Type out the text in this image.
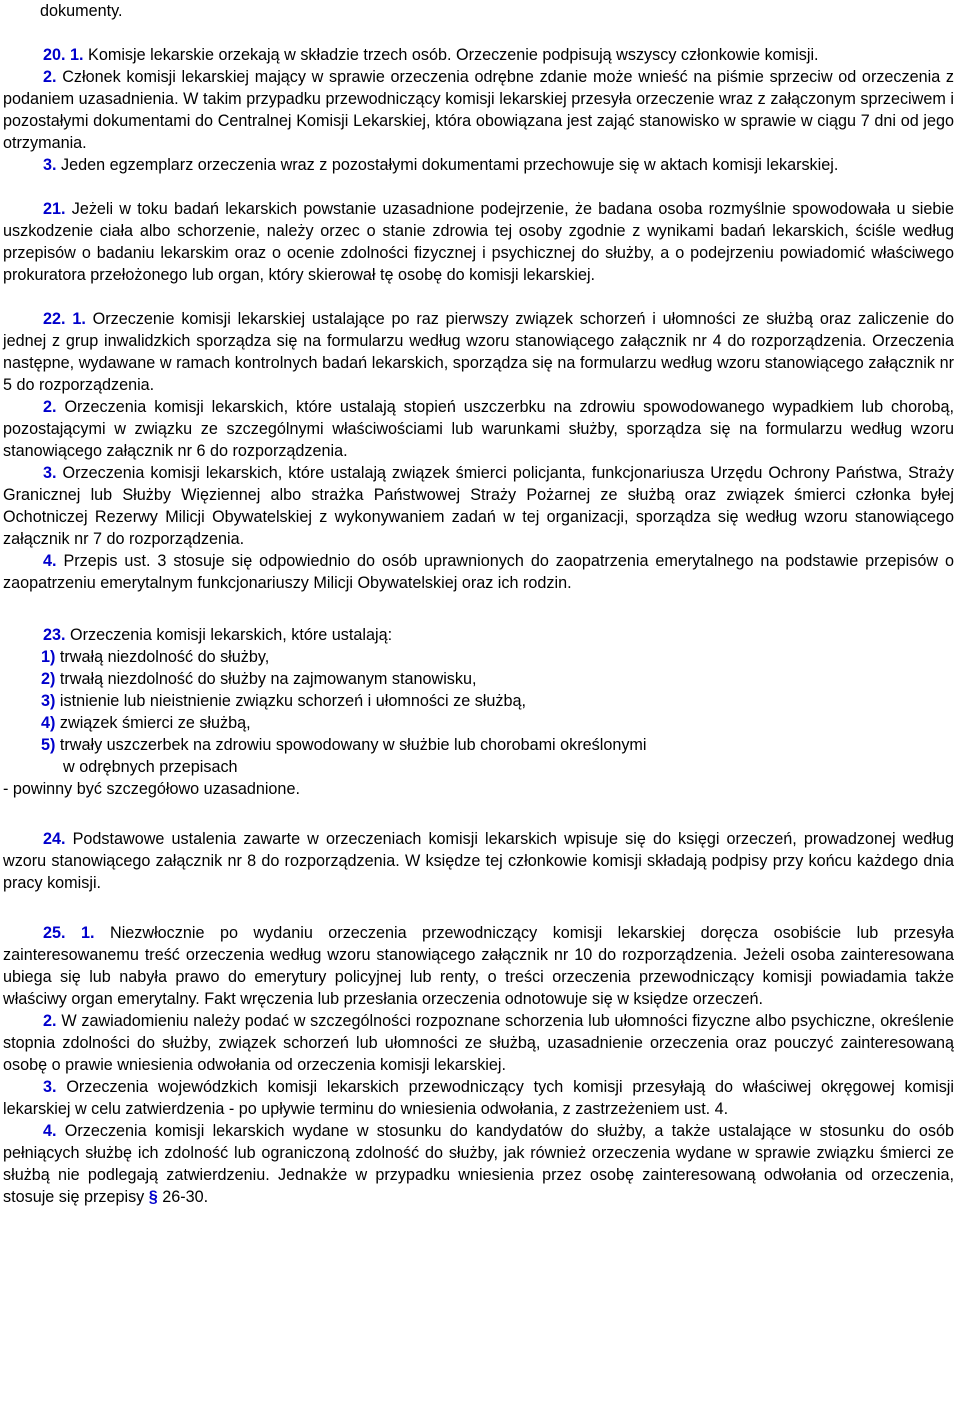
dokumenty.

20. 1. Komisje lekarskie orzekają w składzie trzech osób. Orzeczenie podpisują wszyscy członkowie komisji.

2. Członek komisji lekarskiej mający w sprawie orzeczenia odrębne zdanie może wnieść na piśmie sprzeciw od orzeczenia z podaniem uzasadnienia. W takim przypadku przewodniczący komisji lekarskiej przesyła orzeczenie wraz z załączonym sprzeciwem i pozostałymi dokumentami do Centralnej Komisji Lekarskiej, która obowiązana jest zająć stanowisko w sprawie w ciągu 7 dni od jego otrzymania.

3. Jeden egzemplarz orzeczenia wraz z pozostałymi dokumentami przechowuje się w aktach komisji lekarskiej.

21. Jeżeli w toku badań lekarskich powstanie uzasadnione podejrzenie, że badana osoba rozmyślnie spowodowała u siebie uszkodzenie ciała albo schorzenie, należy orzec o stanie zdrowia tej osoby zgodnie z wynikami badań lekarskich, ściśle według przepisów o badaniu lekarskim oraz o ocenie zdolności fizycznej i psychicznej do służby, a o podejrzeniu powiadomić właściwego prokuratora przełożonego lub organ, który skierował tę osobę do komisji lekarskiej.

22. 1. Orzeczenie komisji lekarskiej ustalające po raz pierwszy związek schorzeń i ułomności ze służbą oraz zaliczenie do jednej z grup inwalidzkich sporządza się na formularzu według wzoru stanowiącego załącznik nr 4 do rozporządzenia. Orzeczenia następne, wydawane w ramach kontrolnych badań lekarskich, sporządza się na formularzu według wzoru stanowiącego załącznik nr 5 do rozporządzenia.

2. Orzeczenia komisji lekarskich, które ustalają stopień uszczerbku na zdrowiu spowodowanego wypadkiem lub chorobą, pozostającymi w związku ze szczególnymi właściwościami lub warunkami służby, sporządza się na formularzu według wzoru stanowiącego załącznik nr 6 do rozporządzenia.

3. Orzeczenia komisji lekarskich, które ustalają związek śmierci policjanta, funkcjonariusza Urzędu Ochrony Państwa, Straży Granicznej lub Służby Więziennej albo strażka Państwowej Straży Pożarnej ze służbą oraz związek śmierci członka byłej Ochotniczej Rezerwy Milicji Obywatelskiej z wykonywaniem zadań w tej organizacji, sporządza się według wzoru stanowiącego załącznik nr 7 do rozporządzenia.

4. Przepis ust. 3 stosuje się odpowiednio do osób uprawnionych do zaopatrzenia emerytalnego na podstawie przepisów o zaopatrzeniu emerytalnym funkcjonariuszy Milicji Obywatelskiej oraz ich rodzin.

23. Orzeczenia komisji lekarskich, które ustalają:

1) trwałą niezdolność do służby,

2) trwałą niezdolność do służby na zajmowanym stanowisku,

3) istnienie lub nieistnienie związku schorzeń i ułomności ze służbą,

4) związek śmierci ze służbą,

5) trwały uszczerbek na zdrowiu spowodowany w służbie lub chorobami określonymi

w odrębnych przepisach

- powinny być szczegółowo uzasadnione.

24. Podstawowe ustalenia zawarte w orzeczeniach komisji lekarskich wpisuje się do księgi orzeczeń, prowadzonej według wzoru stanowiącego załącznik nr 8 do rozporządzenia. W księdze tej członkowie komisji składają podpisy przy końcu każdego dnia pracy komisji.

25. 1. Niezwłocznie po wydaniu orzeczenia przewodniczący komisji lekarskiej doręcza osobiście lub przesyła zainteresowanemu treść orzeczenia według wzoru stanowiącego załącznik nr 10 do rozporządzenia. Jeżeli osoba zainteresowana ubiega się lub nabyła prawo do emerytury policyjnej lub renty, o treści orzeczenia przewodniczący komisji powiadamia także właściwy organ emerytalny. Fakt wręczenia lub przesłania orzeczenia odnotowuje się w księdze orzeczeń.

2. W zawiadomieniu należy podać w szczególności rozpoznane schorzenia lub ułomności fizyczne albo psychiczne, określenie stopnia zdolności do służby, związek schorzeń lub ułomności ze służbą, uzasadnienie orzeczenia oraz pouczyć zainteresowaną osobę o prawie wniesienia odwołania od orzeczenia komisji lekarskiej.

3. Orzeczenia wojewódzkich komisji lekarskich przewodniczący tych komisji przesyłają do właściwej okręgowej komisji lekarskiej w celu zatwierdzenia - po upływie terminu do wniesienia odwołania, z zastrzeżeniem ust. 4.

4. Orzeczenia komisji lekarskich wydane w stosunku do kandydatów do służby, a także ustalające w stosunku do osób pełniących służbę ich zdolność lub ograniczoną zdolność do służby, jak również orzeczenia wydane w sprawie związku śmierci ze służbą nie podlegają zatwierdzeniu. Jednakże w przypadku wniesienia przez osobę zainteresowaną odwołania od orzeczenia, stosuje się przepisy § 26-30.
